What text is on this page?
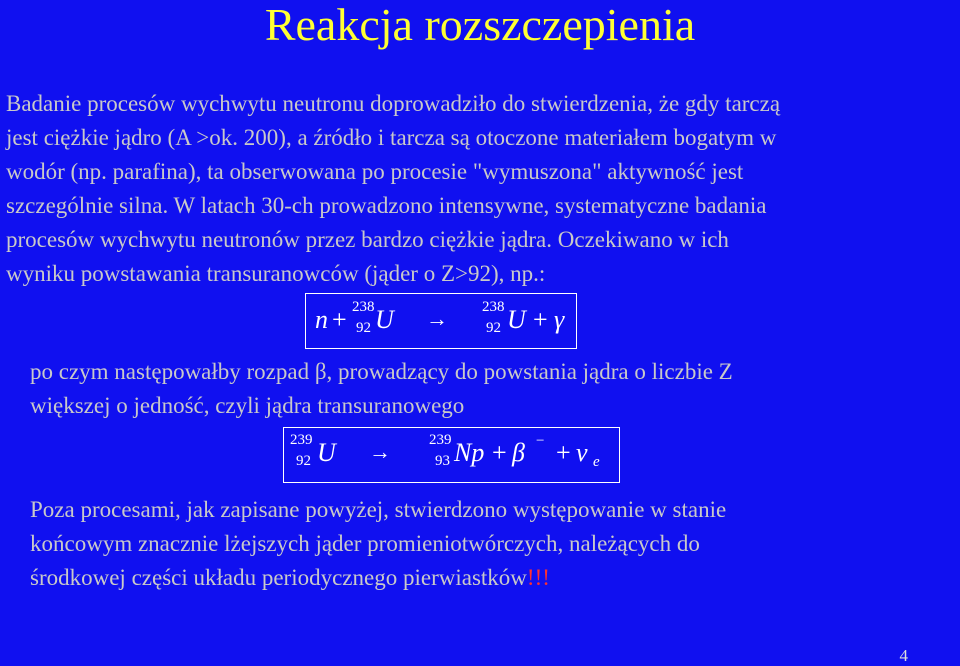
Reakcja rozszczepienia
Badanie procesów wychwytu neutronu doprowadziło do stwierdzenia, że gdy tarczą
jest ciężkie jądro (A >ok. 200), a źródło i tarcza są otoczone materiałem bogatym w
wodór (np. parafina), ta obserwowana po procesie "wymuszona" aktywność jest
szczególnie silna. W latach 30-ch prowadzono intensywne, systematyczne badania
procesów wychwytu neutronów przez bardzo ciężkie jądra. Oczekiwano w ich
wyniku powstawania transuranowców (jąder o Z>92), np.:
n + 238
92 U → 238
92 U + γ
po czym następowałby rozpad β, prowadzący do powstania jądra o liczbie Z
większej o jedność, czyli jądra transuranowego
239
92 U →	239
93 Np + β − + ν e
Poza procesami, jak zapisane powyżej, stwierdzono występowanie w stanie
końcowym znacznie lżejszych jąder promieniotwórczych, należących do
środkowej części układu periodycznego pierwiastków!!!
4
